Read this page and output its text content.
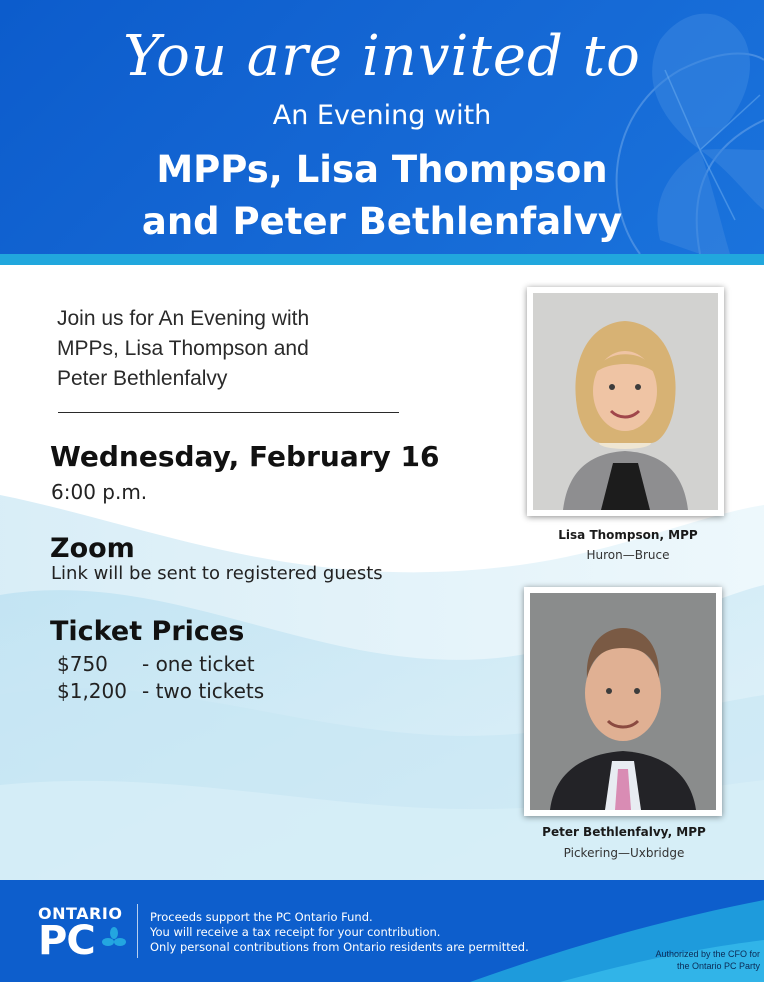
You are invited to
An Evening with
MPPs, Lisa Thompson
and Peter Bethlenfalvy
Join us for An Evening with
MPPs, Lisa Thompson and
Peter Bethlenfalvy
Wednesday, February 16
6:00 p.m.
Zoom
Link will be sent to registered guests
Ticket Prices
$750 - one ticket
$1,200 - two tickets
Lisa Thompson, MPP
Huron—Bruce
Peter Bethlenfalvy, MPP
Pickering—Uxbridge
ONTARIO
PC
Proceeds support the PC Ontario Fund.
You will receive a tax receipt for your contribution.
Only personal contributions from Ontario residents are permitted.	Authorized by the CFO for
the Ontario PC Party
